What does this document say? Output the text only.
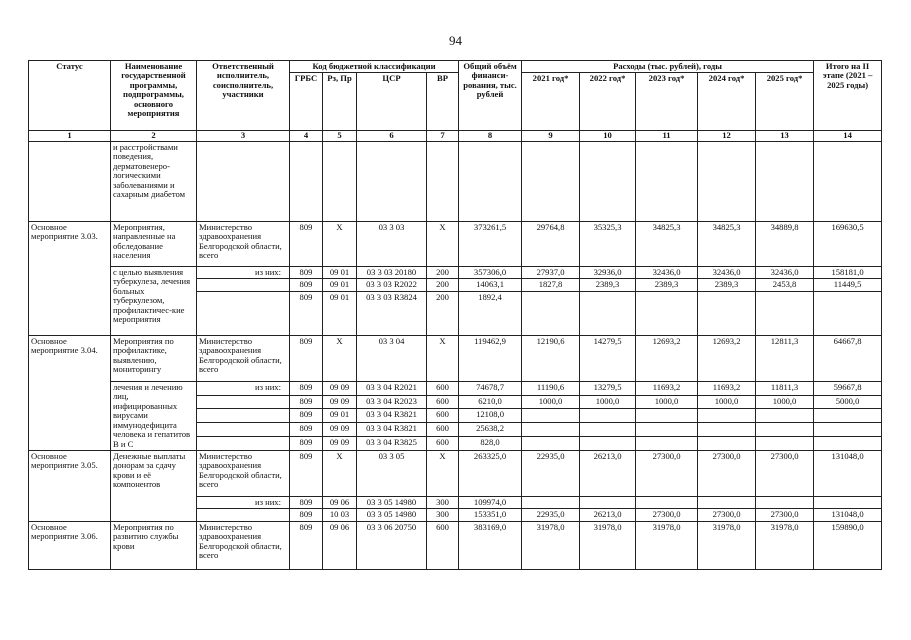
94
Статус	Наименование государственной программы, подпрограммы, основного мероприятия	Ответственный исполнитель, соисполнитель, участники	Код бюджетной классификации				Общий объём финанси-рования, тыс. рублей	Расходы (тыс. рублей), годы					Итого на II этапе (2021 – 2025 годы)
			ГРБС	Рз, Пр	ЦСР	ВР		2021 год*	2022 год*	2023 год*	2024 год*	2025 год*	
1	2	3	4	5	6	7	8	9	10	11	12	13	14
	и расстройствами поведения, дерматовенеро-логическими заболеваниями и сахарным диабетом												
Основное мероприятие 3.03.	Мероприятия, направленные на обследование населения	Министерство здравоохранения Белгородской области, всего	809	Х	03 3 03	Х	373261,5	29764,8	35325,3	34825,3	34825,3	34889,8	169630,5
	с целью выявления туберкулеза, лечения больных туберкулезом, профилактичес-кие мероприятия	из них:	809	09 01	03 3 03 20180	200	357306,0	27937,0	32936,0	32436,0	32436,0	32436,0	158181,0
			809	09 01	03 3 03 R2022	200	14063,1	1827,8	2389,3	2389,3	2389,3	2453,8	11449,5
			809	09 01	03 3 03 R3824	200	1892,4						
Основное мероприятие 3.04.	Мероприятия по профилактике, выявлению, мониторингу	Министерство здравоохранения Белгородской области, всего	809	Х	03 3 04	Х	119462,9	12190,6	14279,5	12693,2	12693,2	12811,3	64667,8
	лечения и лечению лиц, инфицированных вирусами иммунодефицита человека и гепатитов В и С	из них:	809	09 09	03 3 04 R2021	600	74678,7	11190,6	13279,5	11693,2	11693,2	11811,3	59667,8
			809	09 09	03 3 04 R2023	600	6210,0	1000,0	1000,0	1000,0	1000,0	1000,0	5000,0
			809	09 01	03 3 04 R3821	600	12108,0						
			809	09 09	03 3 04 R3821	600	25638,2						
			809	09 09	03 3 04 R3825	600	828,0						
Основное мероприятие 3.05.	Денежные выплаты донорам за сдачу крови и её компонентов	Министерство здравоохранения Белгородской области, всего	809	Х	03 3 05	Х	263325,0	22935,0	26213,0	27300,0	27300,0	27300,0	131048,0
		из них:	809	09 06	03 3 05 14980	300	109974,0						
			809	10 03	03 3 05 14980	300	153351,0	22935,0	26213,0	27300,0	27300,0	27300,0	131048,0
Основное мероприятие 3.06.	Мероприятия по развитию службы крови	Министерство здравоохранения Белгородской области, всего	809	09 06	03 3 06 20750	600	383169,0	31978,0	31978,0	31978,0	31978,0	31978,0	159890,0
